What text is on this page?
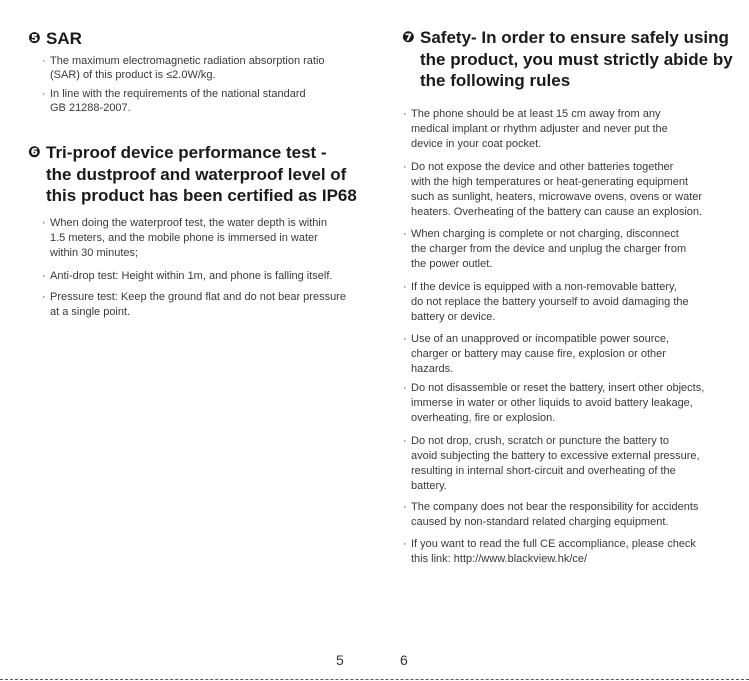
❺ SAR
· The maximum electromagnetic radiation absorption ratio
(SAR) of this product is ≤2.0W/kg.
· In line with the requirements of the national standard
GB 21288-2007.
❻ Tri-proof device performance test -
the dustproof and waterproof level of
this product has been certified as IP68
· When doing the waterproof test, the water depth is within
1.5 meters, and the mobile phone is immersed in water
within 30 minutes;
· Anti-drop test: Height within 1m, and phone is falling itself.
· Pressure test: Keep the ground flat and do not bear pressure
at a single point.
5
❼ Safety- In order to ensure safely using
the product, you must strictly abide by
the following rules
· The phone should be at least 15 cm away from any
medical implant or rhythm adjuster and never put the
device in your coat pocket.
· Do not expose the device and other batteries together
with the high temperatures or heat-generating equipment
such as sunlight, heaters, microwave ovens, ovens or water
heaters. Overheating of the battery can cause an explosion.
· When charging is complete or not charging, disconnect
the charger from the device and unplug the charger from
the power outlet.
· If the device is equipped with a non-removable battery,
do not replace the battery yourself to avoid damaging the
battery or device.
· Use of an unapproved or incompatible power source,
charger or battery may cause fire, explosion or other
hazards.
· Do not disassemble or reset the battery, insert other objects,
immerse in water or other liquids to avoid battery leakage,
overheating, fire or explosion.
· Do not drop, crush, scratch or puncture the battery to
avoid subjecting the battery to excessive external pressure,
resulting in internal short-circuit and overheating of the
battery.
· The company does not bear the responsibility for accidents
caused by non-standard related charging equipment.
· If you want to read the full CE accompliance, please check
this link: http://www.blackview.hk/ce/
6
